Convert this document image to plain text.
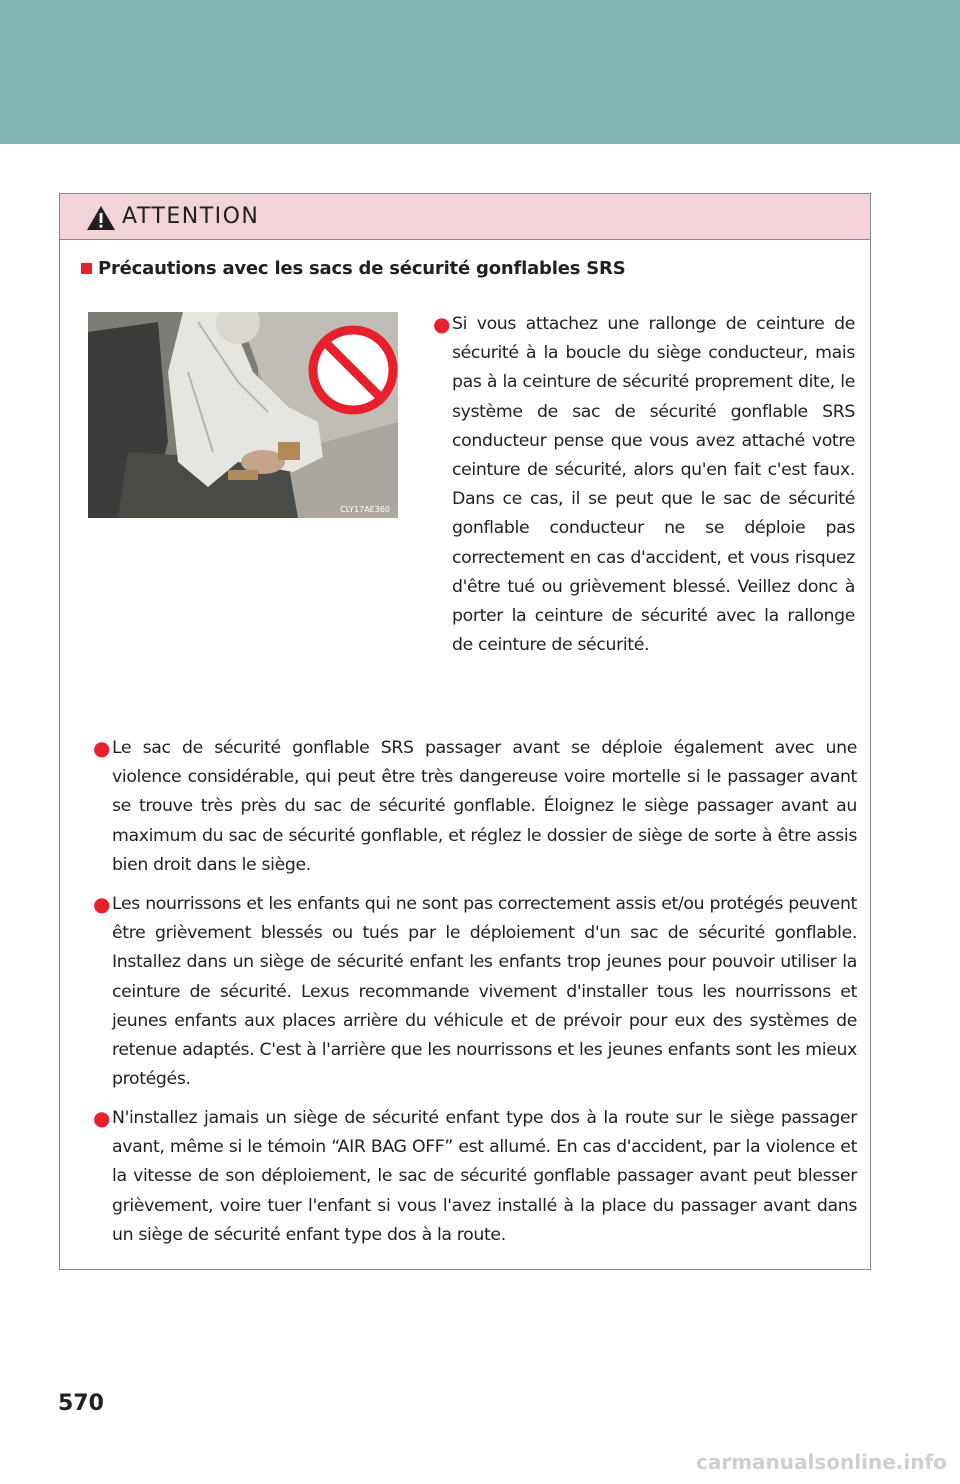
ATTENTION
Précautions avec les sacs de sécurité gonflables SRS
CLY17AE360
● Si vous attachez une rallonge de ceinture de sécurité à la boucle du siège conducteur, mais pas à la ceinture de sécurité proprement dite, le système de sac de sécurité gonflable SRS conducteur pense que vous avez attaché votre ceinture de sécurité, alors qu'en fait c'est faux. Dans ce cas, il se peut que le sac de sécurité gonflable conducteur ne se déploie pas correctement en cas d'accident, et vous risquez d'être tué ou grièvement blessé. Veillez donc à porter la ceinture de sécurité avec la rallonge de ceinture de sécurité.
● Le sac de sécurité gonflable SRS passager avant se déploie également avec une violence considérable, qui peut être très dangereuse voire mortelle si le passager avant se trouve très près du sac de sécurité gonflable. Éloignez le siège passager avant au maximum du sac de sécurité gonflable, et réglez le dossier de siège de sorte à être assis bien droit dans le siège.
● Les nourrissons et les enfants qui ne sont pas correctement assis et/ou protégés peuvent être grièvement blessés ou tués par le déploiement d'un sac de sécurité gonflable. Installez dans un siège de sécurité enfant les enfants trop jeunes pour pouvoir utiliser la ceinture de sécurité. Lexus recommande vivement d'installer tous les nourrissons et jeunes enfants aux places arrière du véhicule et de prévoir pour eux des systèmes de retenue adaptés. C'est à l'arrière que les nourrissons et les jeunes enfants sont les mieux protégés.
● N'installez jamais un siège de sécurité enfant type dos à la route sur le siège passager avant, même si le témoin “AIR BAG OFF” est allumé. En cas d'accident, par la violence et la vitesse de son déploiement, le sac de sécurité gonflable passager avant peut blesser grièvement, voire tuer l'enfant si vous l'avez installé à la place du passager avant dans un siège de sécurité enfant type dos à la route.
570
carmanualsonline.info
